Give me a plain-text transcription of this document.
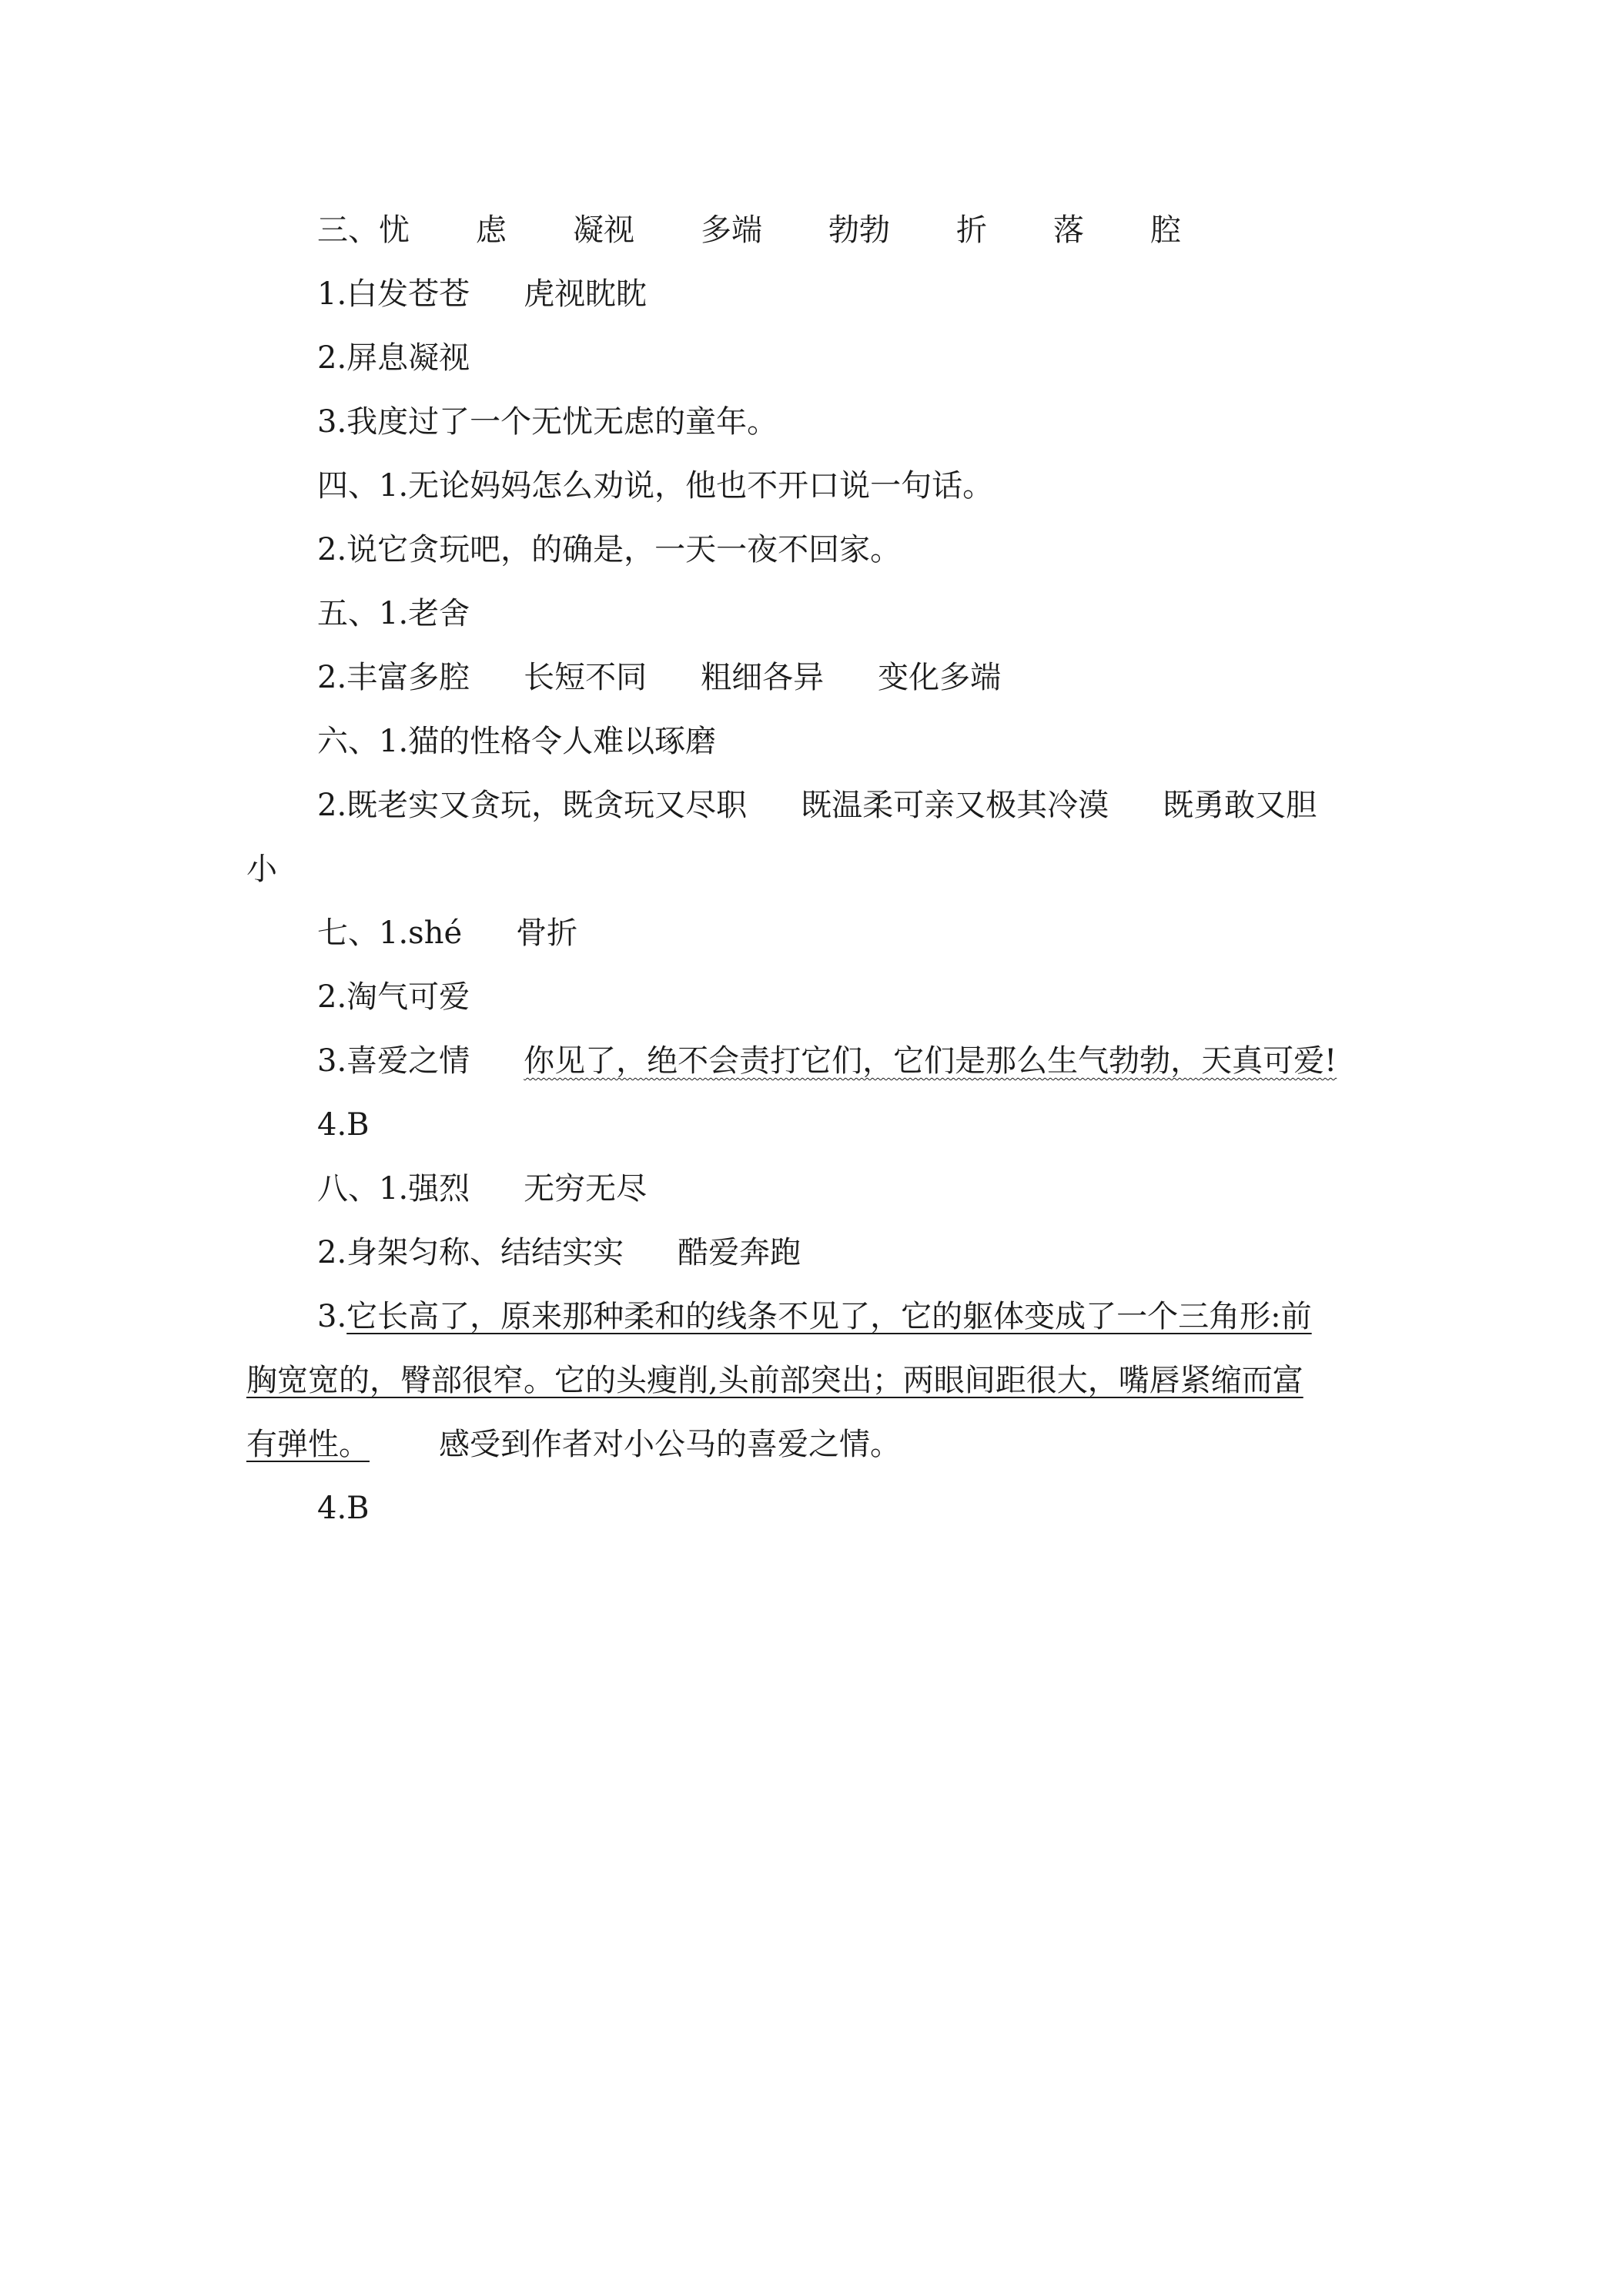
三、忧 虑 凝视 多端 勃勃 折 落 腔
1.白发苍苍 虎视眈眈
2.屏息凝视
3.我度过了一个无忧无虑的童年。
四、1.无论妈妈怎么劝说，他也不开口说一句话。
2.说它贪玩吧，的确是，一天一夜不回家。
五、1.老舍
2.丰富多腔 长短不同 粗细各异 变化多端
六、1.猫的性格令人难以琢磨
2.既老实又贪玩，既贪玩又尽职 既温柔可亲又极其冷漠 既勇敢又胆
小
七、1.shé 骨折
2.淘气可爱
3.喜爱之情 你见了，绝不会责打它们，它们是那么生气勃勃，天真可爱!
4.B
八、1.强烈 无穷无尽
2.身架匀称、结结实实 酷爱奔跑
3.它长高了，原来那种柔和的线条不见了，它的躯体变成了一个三角形:前
胸宽宽的，臀部很窄。它的头瘦削,头前部突出；两眼间距很大，嘴唇紧缩而富
有弹性。 感受到作者对小公马的喜爱之情。
4.B
